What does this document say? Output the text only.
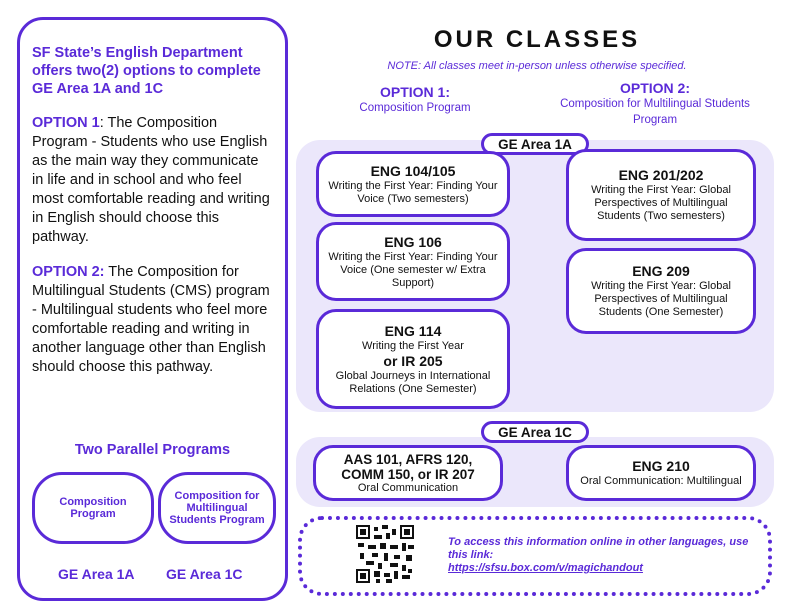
SF State’s English Department offers two(2) options to complete GE Area 1A and 1C

OPTION 1: The Composition Program - Students who use English as the main way they communicate in life and in school and who feel most comfortable reading and writing in English should choose this pathway.

OPTION 2: The Composition for Multilingual Students (CMS) program - Multilingual students who feel more comfortable reading and writing in another language other than English should choose this pathway.

Two Parallel Programs
Composition Program
Composition for Multilingual Students Program
GE Area 1A GE Area 1C
OUR CLASSES
NOTE: All classes meet in-person unless otherwise specified.
OPTION 1:
Composition Program
OPTION 2:
Composition for Multilingual Students Program
GE Area 1A
GE Area 1C
ENG 104/105
Writing the First Year: Finding Your Voice (Two semesters)
ENG 106
Writing the First Year: Finding Your Voice (One semester w/ Extra Support)
ENG 114
Writing the First Year
or IR 205
Global Journeys in International Relations (One Semester)
ENG 201/202
Writing the First Year: Global Perspectives of Multilingual Students (Two semesters)
ENG 209
Writing the First Year: Global Perspectives of Multilingual Students (One Semester)
AAS 101, AFRS 120, COMM 150, or IR 207
Oral Communication
ENG 210
Oral Communication: Multilingual
To access this information online in other languages, use this link:
https://sfsu.box.com/v/magichandout
